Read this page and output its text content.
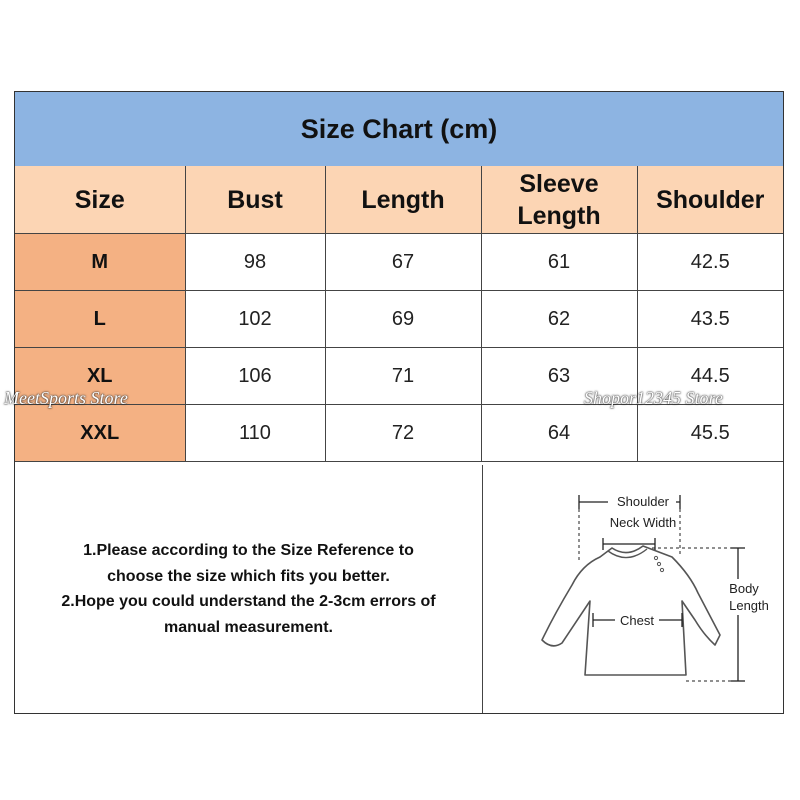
Size Chart (cm)
Size	Bust	Length	Sleeve Length	Shoulder
M	98	67	61	42.5
L	102	69	62	43.5
XL	106	71	63	44.5
XXL	110	72	64	45.5

1.Please according to the Size Reference to

choose the size which fits you better.

2.Hope you could understand the 2-3cm errors of

manual measurement.

Shoulder
Neck Width
Chest
Body
Length
MeetSports Store	Shopor12345 Store
